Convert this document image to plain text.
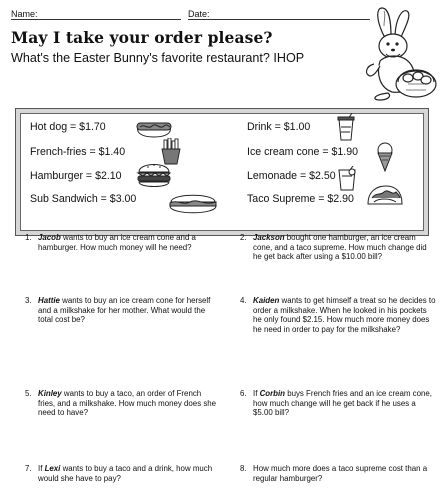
Name:	Date:
May I take your order please?
What's the Easter Bunny's favorite restaurant? IHOP
Hot dog = $1.70
French-fries = $1.40
Hamburger = $2.10
Sub Sandwich = $3.00
Drink = $1.00
Ice cream cone = $1.90
Lemonade = $2.50
Taco Supreme = $2.90
1. Jacob wants to buy an ice cream cone and a hamburger. How much money will he need?
2. Jackson bought one hamburger, an ice cream cone, and a taco supreme. How much change did he get back after using a $10.00 bill?
3. Hattie wants to buy an ice cream cone for herself and a milkshake for her mother. What would the total cost be?
4. Kaiden wants to get himself a treat so he decides to order a milkshake. When he looked in his pockets he only found $2.15. How much more money does he need in order to pay for the milkshake?
5. Kinley wants to buy a taco, an order of French fries, and a milkshake. How much money does she need to have?
6. If Corbin buys French fries and an ice cream cone, how much change will he get back if he uses a $5.00 bill?
7. If Lexi wants to buy a taco and a drink, how much would she have to pay?
8. How much more does a taco supreme cost than a regular hamburger?
